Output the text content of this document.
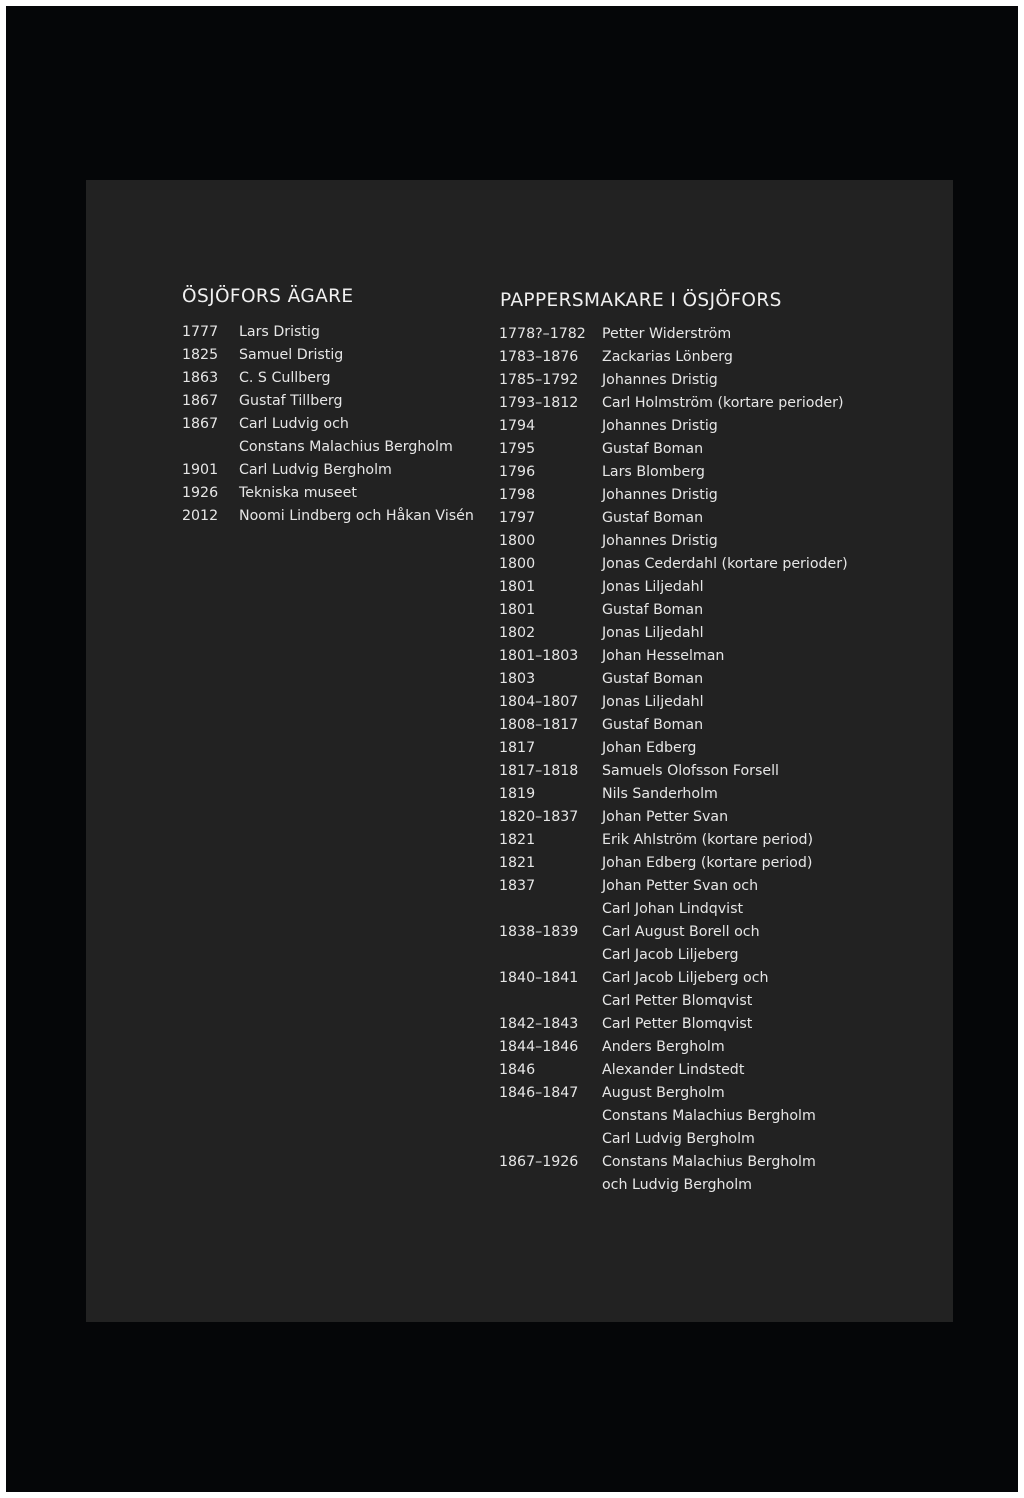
ÖSJÖFORS ÄGARE
1777	Lars Dristig
1825	Samuel Dristig
1863	C. S Cullberg
1867	Gustaf Tillberg
1867	Carl Ludvig och
Constans Malachius Bergholm
1901	Carl Ludvig Bergholm
1926	Tekniska museet
2012	Noomi Lindberg och Håkan Visén
PAPPERSMAKARE I ÖSJÖFORS
1778?–1782	Petter Widerström
1783–1876	Zackarias Lönberg
1785–1792	Johannes Dristig
1793–1812	Carl Holmström (kortare perioder)
1794	Johannes Dristig
1795	Gustaf Boman
1796	Lars Blomberg
1798	Johannes Dristig
1797	Gustaf Boman
1800	Johannes Dristig
1800	Jonas Cederdahl (kortare perioder)
1801	Jonas Liljedahl
1801	Gustaf Boman
1802	Jonas Liljedahl
1801–1803	Johan Hesselman
1803	Gustaf Boman
1804–1807	Jonas Liljedahl
1808–1817	Gustaf Boman
1817	Johan Edberg
1817–1818	Samuels Olofsson Forsell
1819	Nils Sanderholm
1820–1837	Johan Petter Svan
1821	Erik Ahlström (kortare period)
1821	Johan Edberg (kortare period)
1837	Johan Petter Svan och
Carl Johan Lindqvist
1838–1839	Carl August Borell och
Carl Jacob Liljeberg
1840–1841	Carl Jacob Liljeberg och
Carl Petter Blomqvist
1842–1843	Carl Petter Blomqvist
1844–1846	Anders Bergholm
1846	Alexander Lindstedt
1846–1847	August Bergholm
Constans Malachius Bergholm
Carl Ludvig Bergholm
1867–1926	Constans Malachius Bergholm
och Ludvig Bergholm
